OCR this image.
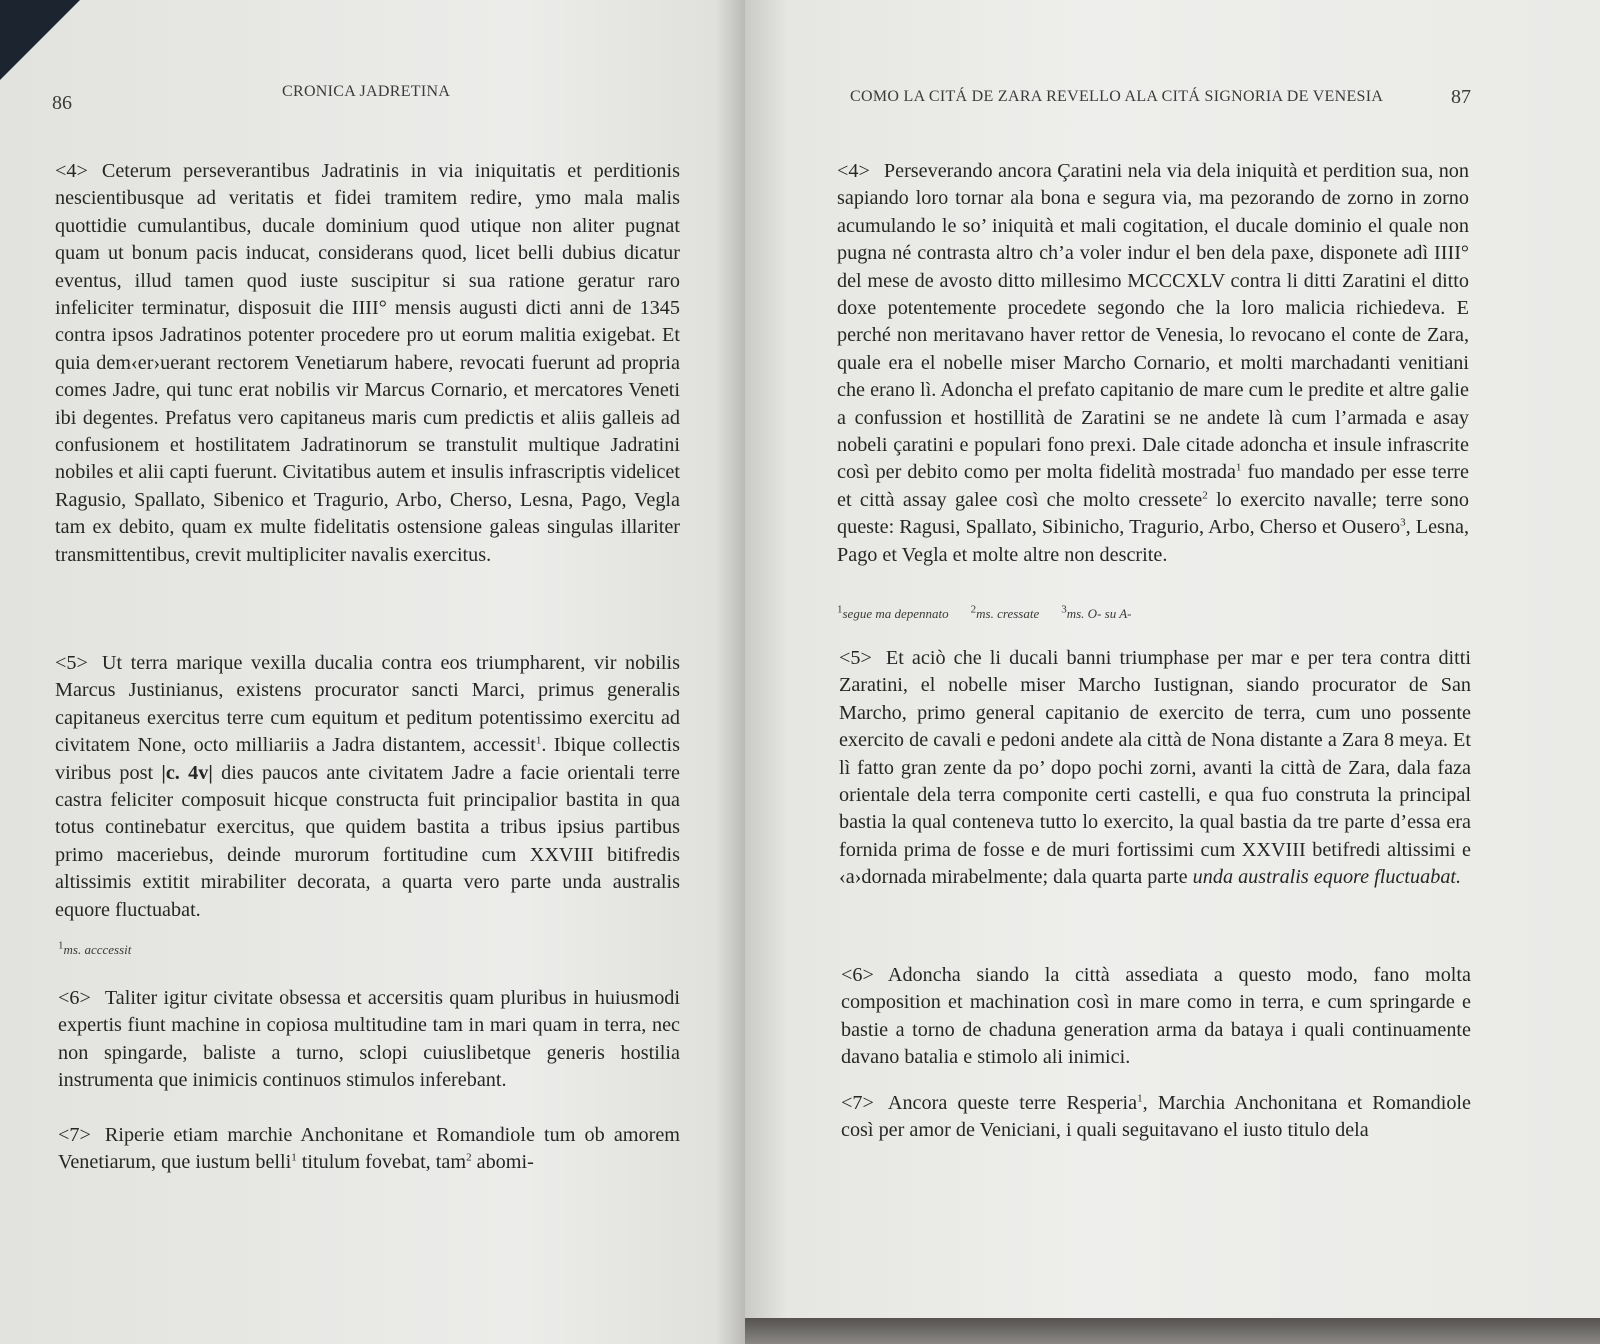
86
CRONICA JADRETINA
<4> Ceterum perseverantibus Jadratinis in via iniquitatis et perditionis nescientibusque ad veritatis et fidei tramitem redire, ymo mala malis quottidie cumulantibus, ducale dominium quod utique non aliter pugnat quam ut bonum pacis inducat, considerans quod, licet belli dubius dicatur eventus, illud tamen quod iuste suscipitur si sua ratione geratur raro infeliciter terminatur, disposuit die IIII° mensis augusti dicti anni de 1345 contra ipsos Jadratinos potenter procedere pro ut eorum malitia exigebat. Et quia dem‹er›uerant rectorem Venetiarum habere, revocati fuerunt ad propria comes Jadre, qui tunc erat nobilis vir Marcus Cornario, et mercatores Veneti ibi degentes. Prefatus vero capitaneus maris cum predictis et aliis galleis ad confusionem et hostilitatem Jadratinorum se transtulit multique Jadratini nobiles et alii capti fuerunt. Civitatibus autem et insulis infrascriptis videlicet Ragusio, Spallato, Sibenico et Tragurio, Arbo, Cherso, Lesna, Pago, Vegla tam ex debito, quam ex multe fidelitatis ostensione galeas singulas illariter transmittentibus, crevit multipliciter navalis exercitus.
<5> Ut terra marique vexilla ducalia contra eos triumpharent, vir nobilis Marcus Justinianus, existens procurator sancti Marci, primus generalis capitaneus exercitus terre cum equitum et peditum potentissimo exercitu ad civitatem None, octo milliariis a Jadra distantem, accessit$^1$. Ibique collectis viribus post |c. 4v| dies paucos ante civitatem Jadre a facie orientali terre castra feliciter composuit hicque constructa fuit principalior bastita in qua totus continebatur exercitus, que quidem bastita a tribus ipsius partibus primo maceriebus, deinde murorum fortitudine cum XXVIII bitifredis altissimis extitit mirabiliter decorata, a quarta vero parte unda australis equore fluctuabat.
$^1$ms. acccessit
<6> Taliter igitur civitate obsessa et accersitis quam pluribus in huiusmodi expertis fiunt machine in copiosa multitudine tam in mari quam in terra, nec non spingarde, baliste a turno, sclopi cuiuslibetque generis hostilia instrumenta que inimicis continuos stimulos inferebant.
<7> Riperie etiam marchie Anchonitane et Romandiole tum ob amorem Venetiarum, que iustum belli$^1$ titulum fovebat, tam$^2$ abomi-
COMO LA CITÁ DE ZARA REVELLO ALA CITÁ SIGNORIA DE VENESIA	87
<4> Perseverando ancora Çaratini nela via dela iniquità et perdition sua, non sapiando loro tornar ala bona e segura via, ma pezorando de zorno in zorno acumulando le so’ iniquità et mali cogitation, el ducale dominio el quale non pugna né contrasta altro ch’a voler indur el ben dela paxe, disponete adì IIII° del mese de avosto ditto millesimo MCCCXLV contra li ditti Zaratini el ditto doxe potentemente procedete segondo che la loro malicia richiedeva. E perché non meritavano haver rettor de Venesia, lo revocano el conte de Zara, quale era el nobelle miser Marcho Cornario, et molti marchadanti venitiani che erano lì. Adoncha el prefato capitanio de mare cum le predite et altre galie a confussion et hostillità de Zaratini se ne andete là cum l’armada e asay nobeli çaratini e populari fono prexi. Dale citade adoncha et insule infrascrite così per debito como per molta fidelità mostrada$^1$ fuo mandado per esse terre et città assay galee così che molto cressete$^2$ lo exercito navalle; terre sono queste: Ragusi, Spallato, Sibinicho, Tragurio, Arbo, Cherso et Ousero$^3$, Lesna, Pago et Vegla et molte altre non descrite.
$^1$segue ma depennato $^2$ms. cressate $^3$ms. O- su A-
<5> Et aciò che li ducali banni triumphase per mar e per tera contra ditti Zaratini, el nobelle miser Marcho Iustignan, siando procurator de San Marcho, primo general capitanio de exercito de terra, cum uno possente exercito de cavali e pedoni andete ala città de Nona distante a Zara 8 meya. Et lì fatto gran zente da po’ dopo pochi zorni, avanti la città de Zara, dala faza orientale dela terra componite certi castelli, e qua fuo construta la principal bastia la qual conteneva tutto lo exercito, la qual bastia da tre parte d’essa era fornida prima de fosse e de muri fortissimi cum XXVIII betifredi altissimi e ‹a›dornada mirabelmente; dala quarta parte unda australis equore fluctuabat.
<6> Adoncha siando la città assediata a questo modo, fano molta composition et machination così in mare como in terra, e cum springarde e bastie a torno de chaduna generation arma da bataya i quali continuamente davano batalia e stimolo ali inimici.
<7> Ancora queste terre Resperia$^1$, Marchia Anchonitana et Romandiole così per amor de Veniciani, i quali seguitavano el iusto titulo dela
